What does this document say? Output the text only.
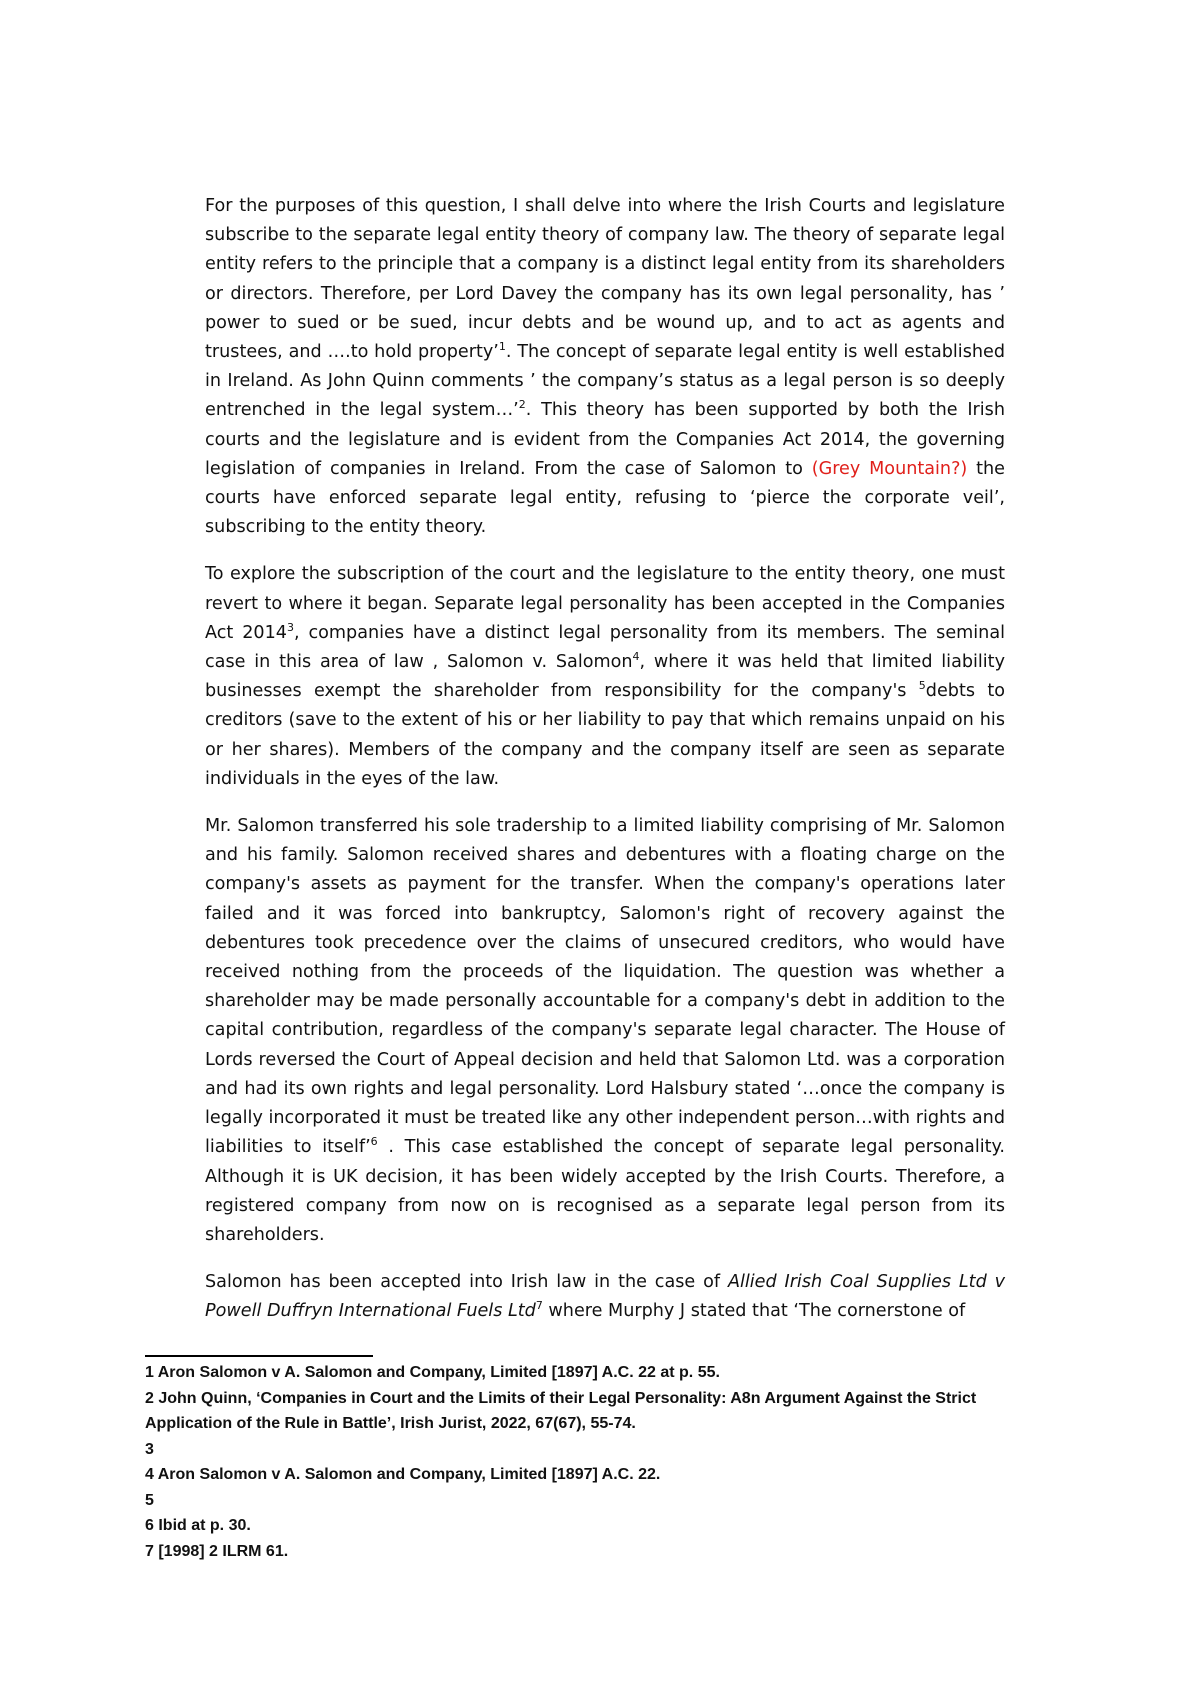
For the purposes of this question, I shall delve into where the Irish Courts and legislature subscribe to the separate legal entity theory of company law. The theory of separate legal entity refers to the principle that a company is a distinct legal entity from its shareholders or directors. Therefore, per Lord Davey the company has its own legal personality, has ’ power to sued or be sued, incur debts and be wound up, and to act as agents and trustees, and ….to hold property’$^1$. The concept of separate legal entity is well established in Ireland. As John Quinn comments ’ the company’s status as a legal person is so deeply entrenched in the legal system…’$^2$. This theory has been supported by both the Irish courts and the legislature and is evident from the Companies Act 2014, the governing legislation of companies in Ireland. From the case of Salomon to (Grey Mountain?) the courts have enforced separate legal entity, refusing to ‘pierce the corporate veil’, subscribing to the entity theory.

To explore the subscription of the court and the legislature to the entity theory, one must revert to where it began. Separate legal personality has been accepted in the Companies Act 2014$^3$, companies have a distinct legal personality from its members. The seminal case in this area of law , Salomon v. Salomon$^4$, where it was held that limited liability businesses exempt the shareholder from responsibility for the company's $^5$debts to creditors (save to the extent of his or her liability to pay that which remains unpaid on his or her shares). Members of the company and the company itself are seen as separate individuals in the eyes of the law.

Mr. Salomon transferred his sole tradership to a limited liability comprising of Mr. Salomon and his family. Salomon received shares and debentures with a floating charge on the company's assets as payment for the transfer. When the company's operations later failed and it was forced into bankruptcy, Salomon's right of recovery against the debentures took precedence over the claims of unsecured creditors, who would have received nothing from the proceeds of the liquidation. The question was whether a shareholder may be made personally accountable for a company's debt in addition to the capital contribution, regardless of the company's separate legal character. The House of Lords reversed the Court of Appeal decision and held that Salomon Ltd. was a corporation and had its own rights and legal personality. Lord Halsbury stated ‘…once the company is legally incorporated it must be treated like any other independent person…with rights and liabilities to itself’$^6$ . This case established the concept of separate legal personality. Although it is UK decision, it has been widely accepted by the Irish Courts. Therefore, a registered company from now on is recognised as a separate legal person from its shareholders.

Salomon has been accepted into Irish law in the case of Allied Irish Coal Supplies Ltd v Powell Duffryn International Fuels Ltd$^7$ where Murphy J stated that ‘The cornerstone of

1 Aron Salomon v A. Salomon and Company, Limited [1897] A.C. 22 at p. 55.

2 John Quinn, ‘Companies in Court and the Limits of their Legal Personality: A8n Argument Against the Strict Application of the Rule in Battle’, Irish Jurist, 2022, 67(67), 55-74.

3

4 Aron Salomon v A. Salomon and Company, Limited [1897] A.C. 22.

5

6 Ibid at p. 30.

7 [1998] 2 ILRM 61.
